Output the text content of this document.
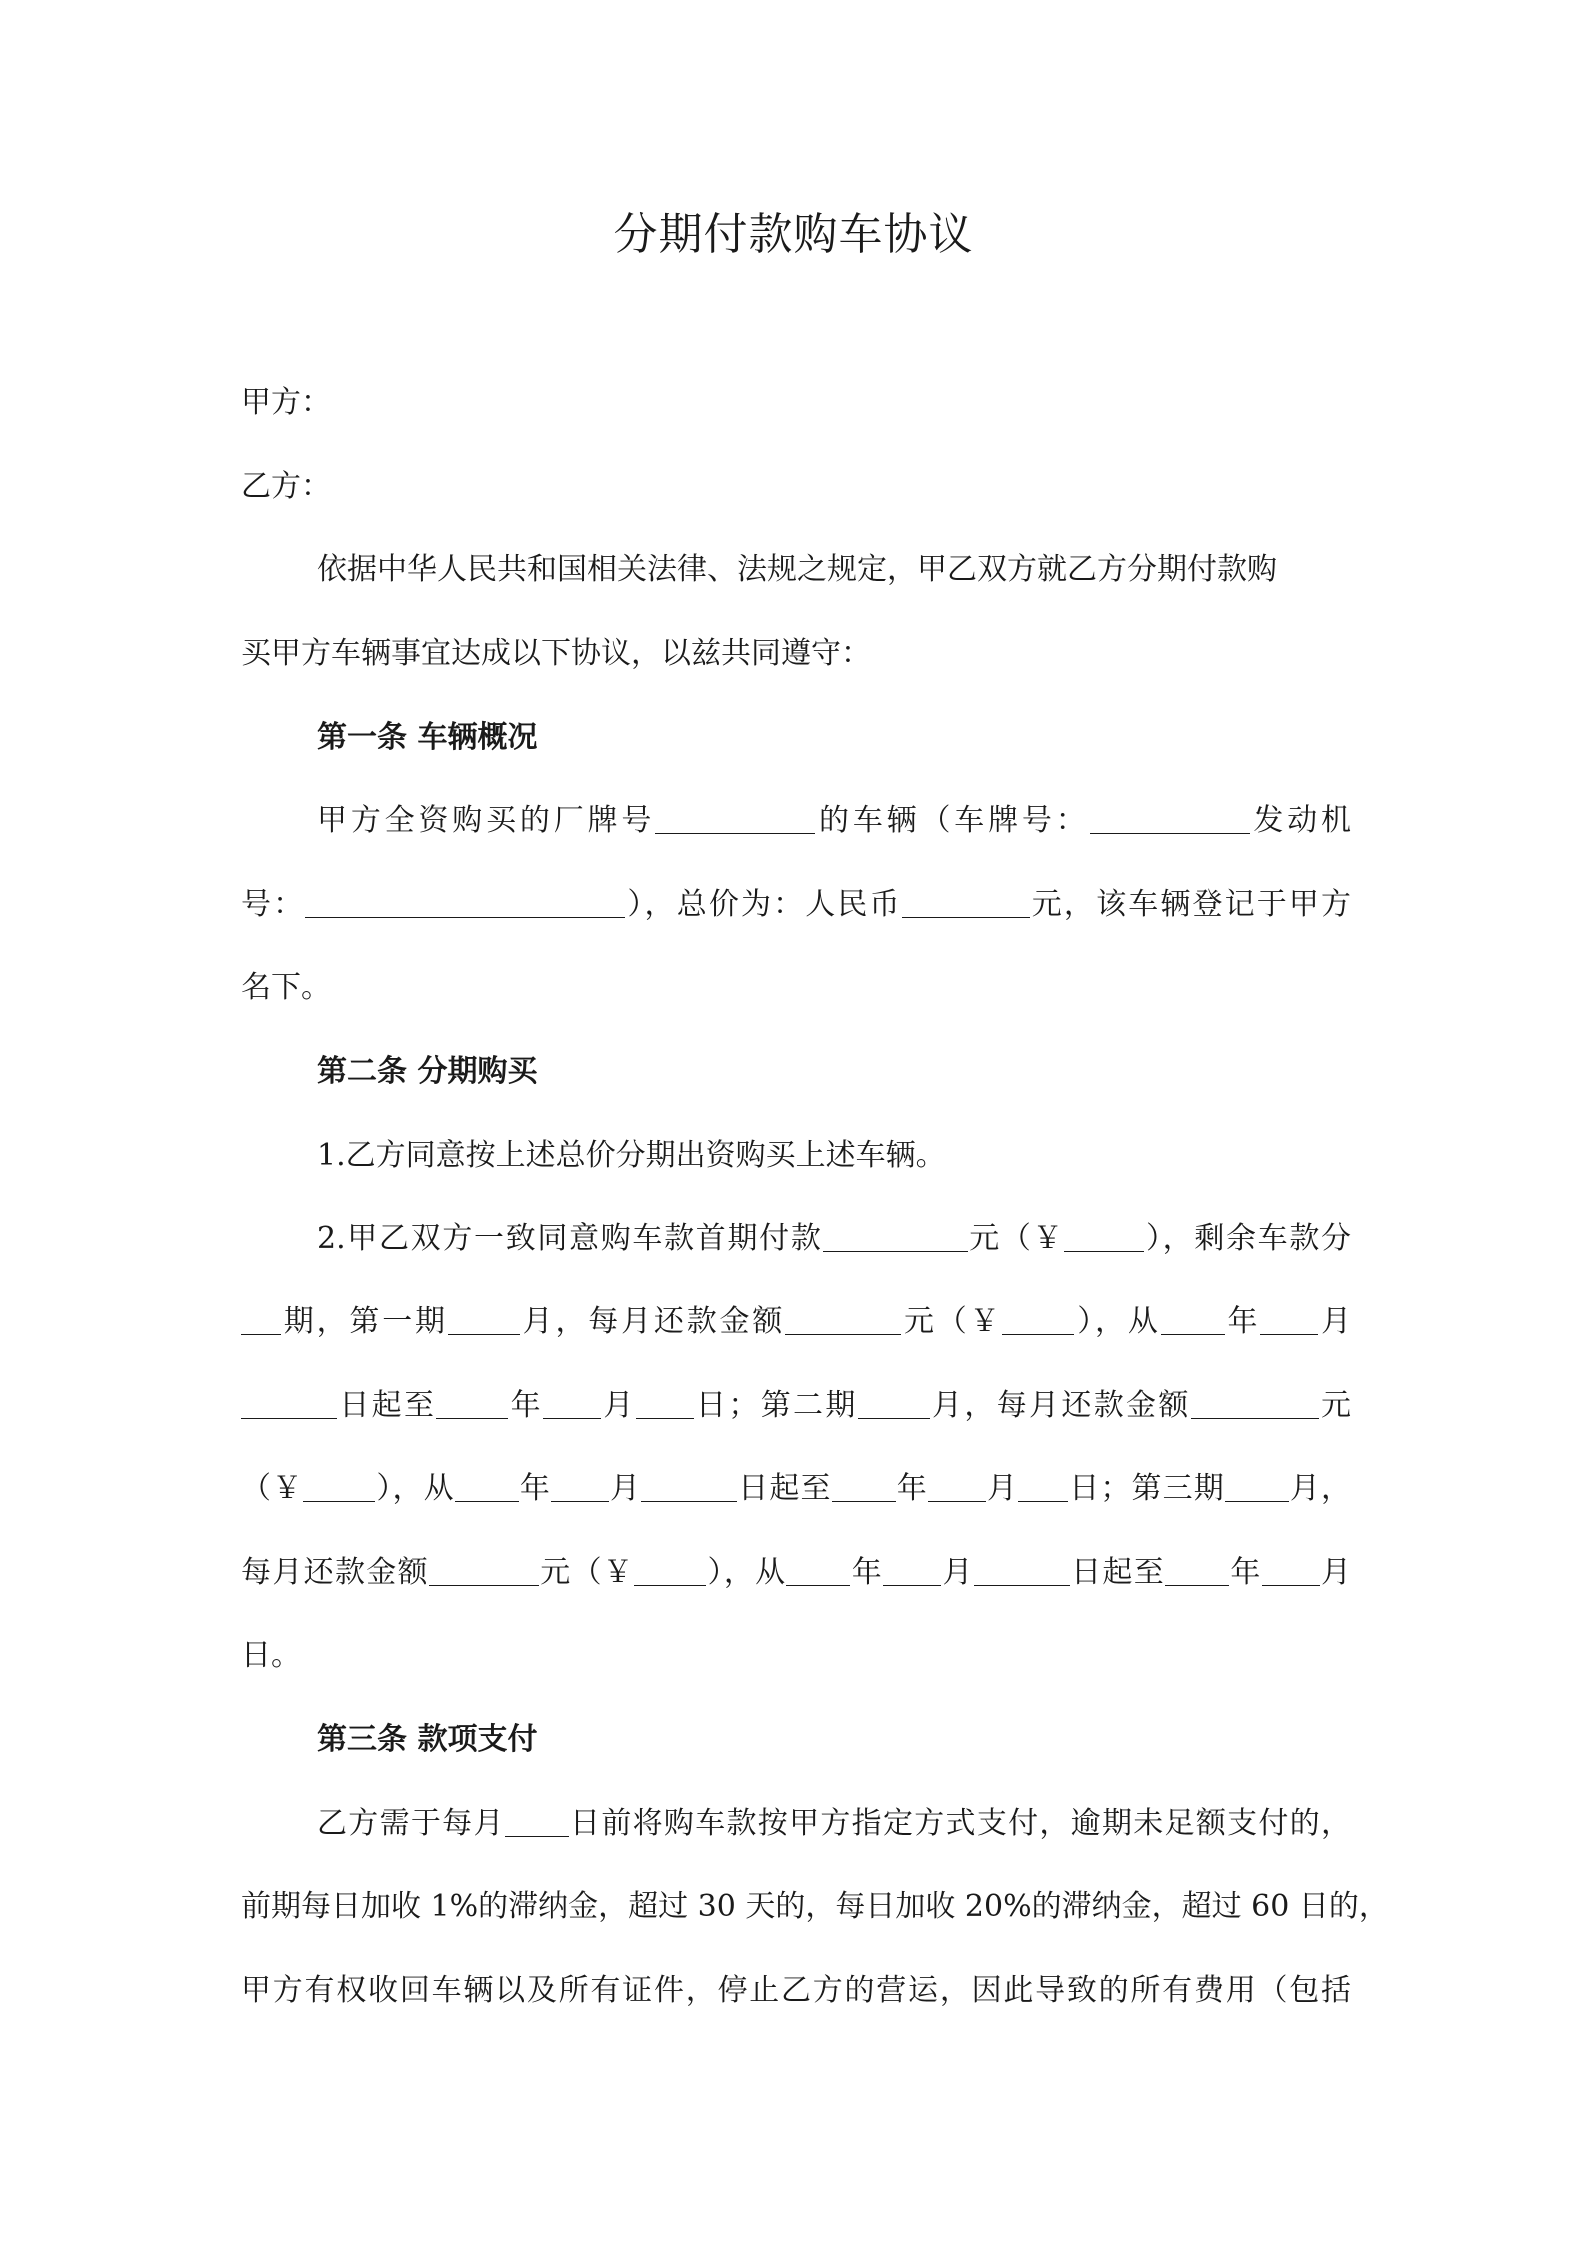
分期付款购车协议
甲方：
乙方：
依据中华人民共和国相关法律、法规之规定，甲乙双方就乙方分期付款购
买甲方车辆事宜达成以下协议，以兹共同遵守：
第一条 车辆概况
甲方全资购买的厂牌号	的车辆（车牌号：	发动机
号：	），总价为：人民币	元，该车辆登记于甲方
名下。
第二条 分期购买
1.乙方同意按上述总价分期出资购买上述车辆。
2.甲乙双方一致同意购车款首期付款	元（￥	），剩余车款分
期，第一期 月，每月还款金额	元（￥ ），从 年 月
日起至 年 月 日；第二期 月，每月还款金额	元
（￥ ），从 年 月	日起至 年 月 日；第三期 月，
每月还款金额	元（￥ ），从 年 月	日起至 年 月
日。
第三条 款项支付
乙方需于每月 日前将购车款按甲方指定方式支付，逾期未足额支付的，
前期每日加收 1%的滞纳金，超过 30 天的，每日加收 20%的滞纳金，超过 60 日的，
甲方有权收回车辆以及所有证件，停止乙方的营运，因此导致的所有费用（包括
